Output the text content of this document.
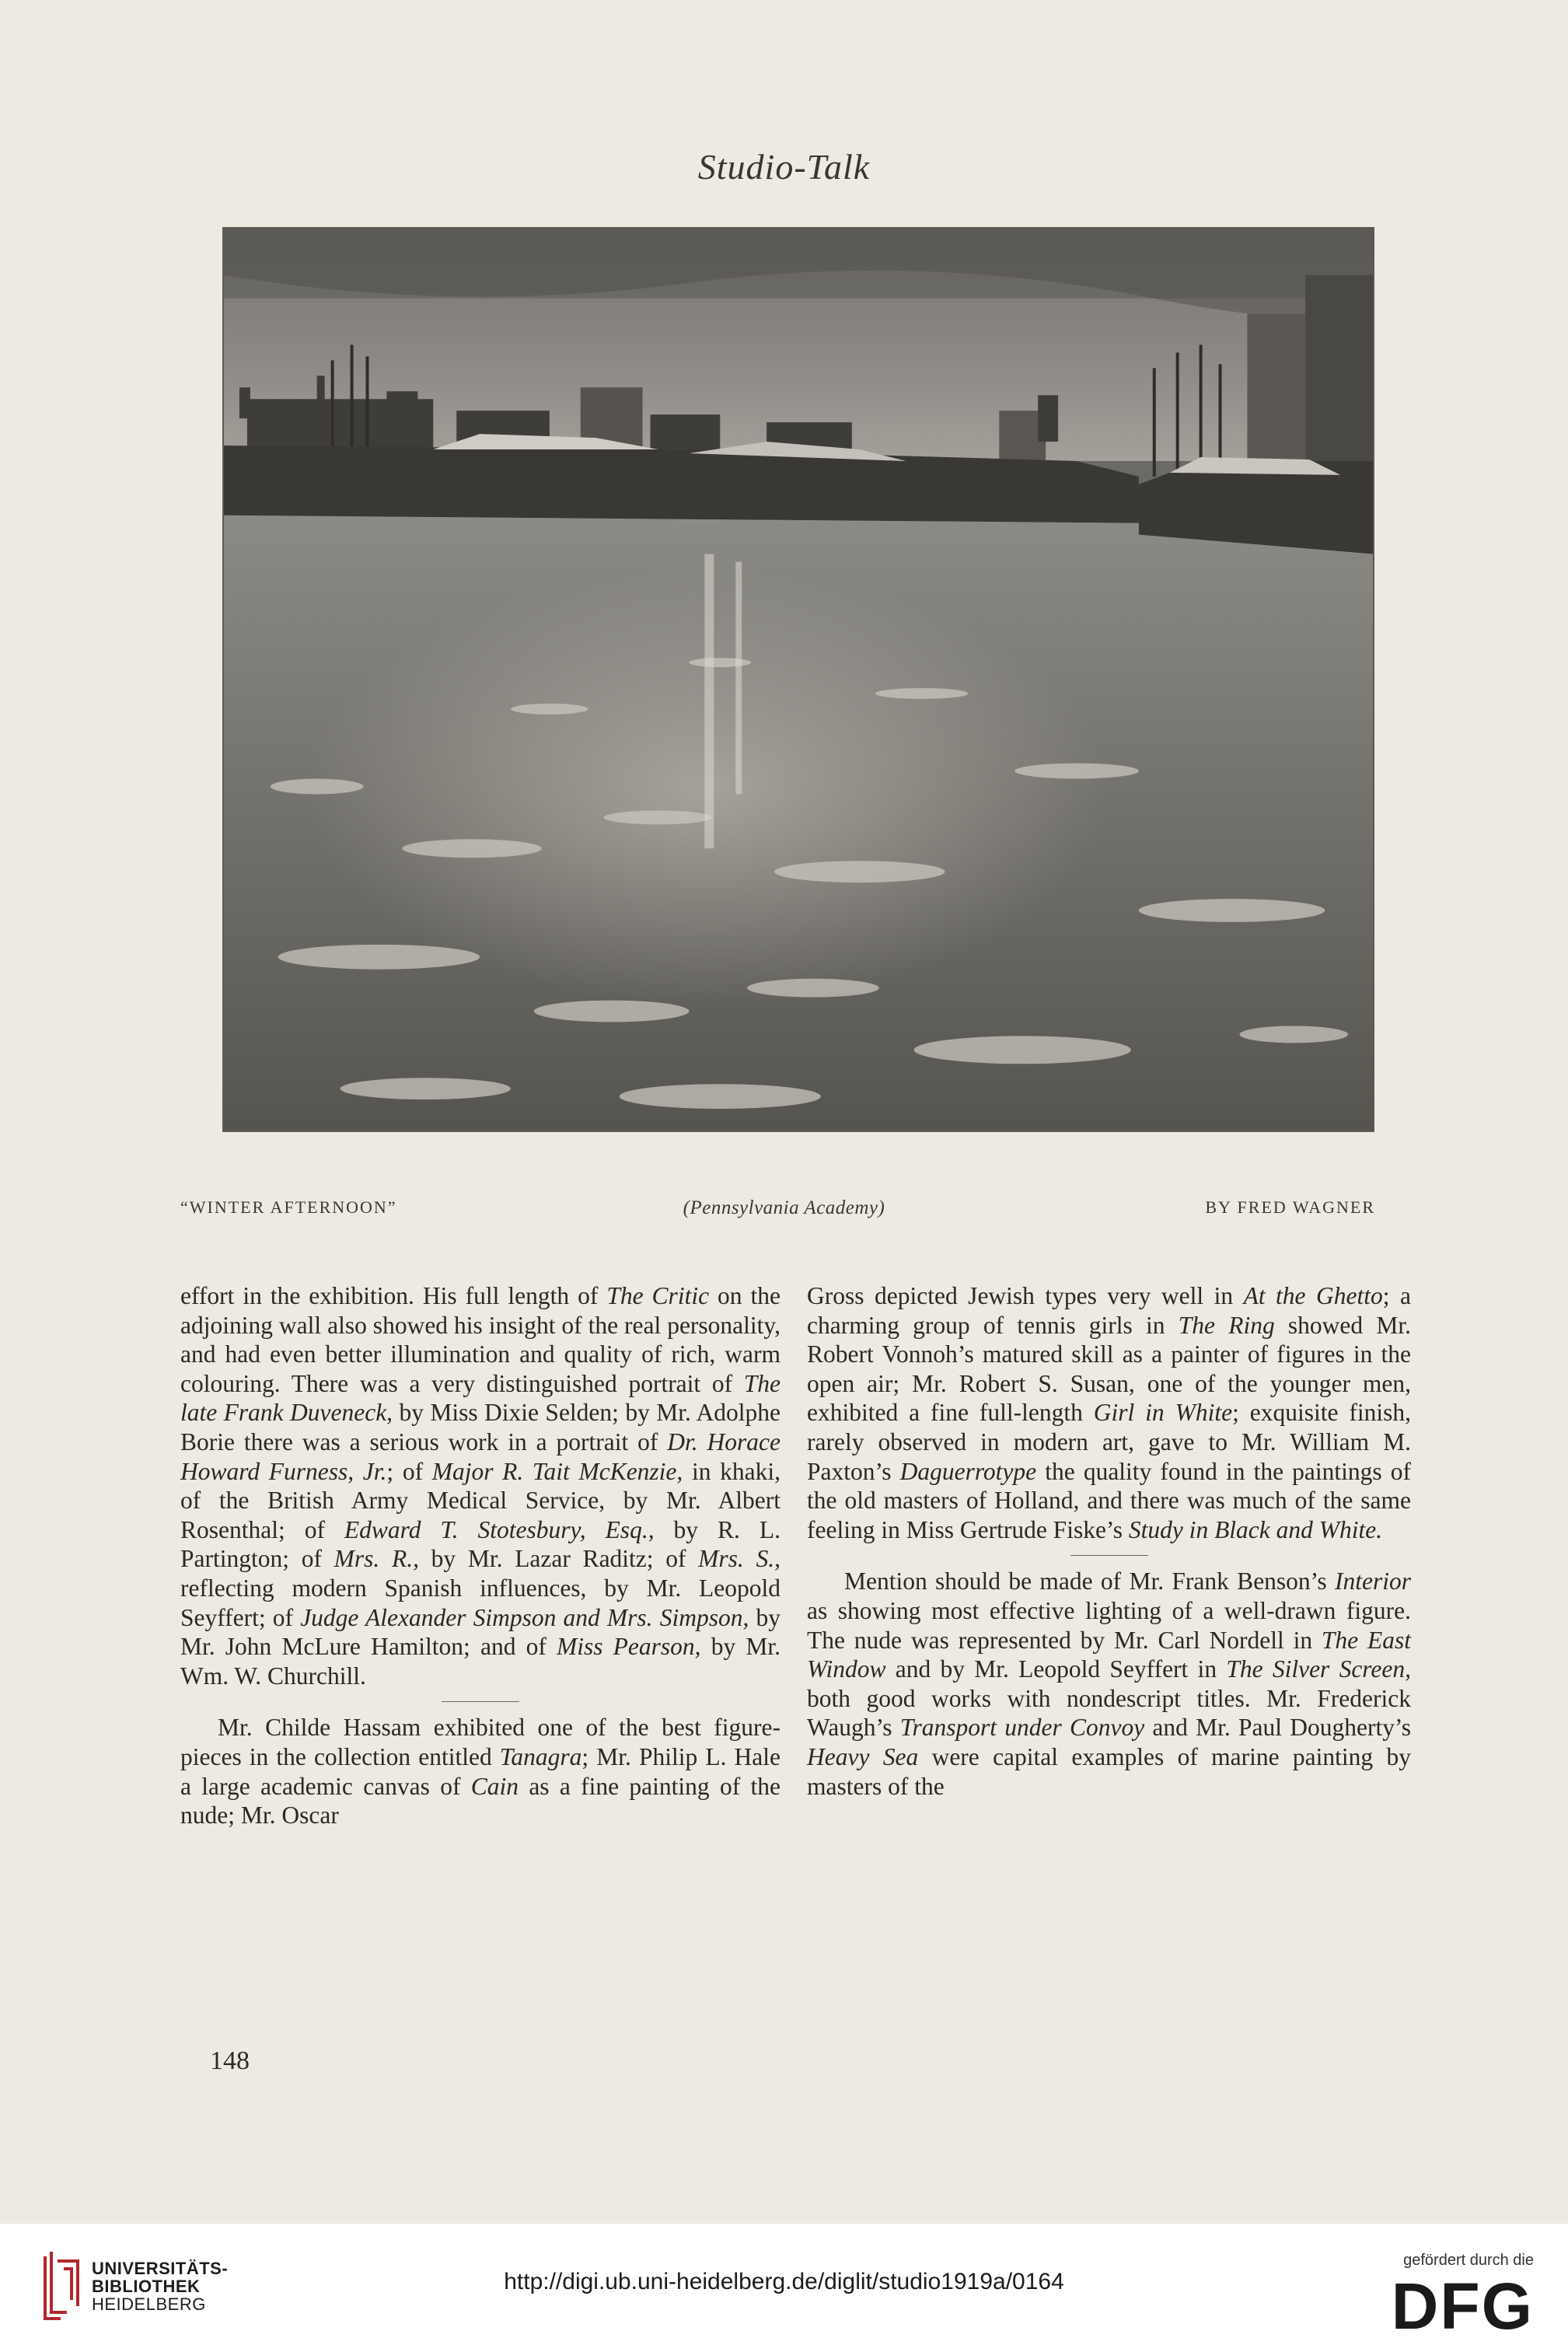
Studio-Talk
“WINTER AFTERNOON”	(Pennsylvania Academy)	BY FRED WAGNER

effort in the exhibition. His full length of The Critic on the adjoining wall also showed his insight of the real personality, and had even better illumination and quality of rich, warm colouring. There was a very distinguished portrait of The late Frank Duveneck, by Miss Dixie Selden; by Mr. Adolphe Borie there was a serious work in a portrait of Dr. Horace Howard Furness, Jr.; of Major R. Tait McKenzie, in khaki, of the British Army Medical Service, by Mr. Albert Rosenthal; of Edward T. Stotesbury, Esq., by R. L. Partington; of Mrs. R., by Mr. Lazar Raditz; of Mrs. S., reflecting modern Spanish influences, by Mr. Leopold Seyffert; of Judge Alexander Simpson and Mrs. Simpson, by Mr. John McLure Hamilton; and of Miss Pearson, by Mr. Wm. W. Churchill.

Mr. Childe Hassam exhibited one of the best figure-pieces in the collection entitled Tanagra; Mr. Philip L. Hale a large academic canvas of Cain as a fine painting of the nude; Mr. Oscar

Gross depicted Jewish types very well in At the Ghetto; a charming group of tennis girls in The Ring showed Mr. Robert Vonnoh’s matured skill as a painter of figures in the open air; Mr. Robert S. Susan, one of the younger men, exhibited a fine full-length Girl in White; exquisite finish, rarely observed in modern art, gave to Mr. William M. Paxton’s Daguerrotype the quality found in the paintings of the old masters of Holland, and there was much of the same feeling in Miss Gertrude Fiske’s Study in Black and White.

Mention should be made of Mr. Frank Benson’s Interior as showing most effective lighting of a well-drawn figure. The nude was represented by Mr. Carl Nordell in The East Window and by Mr. Leopold Seyffert in The Silver Screen, both good works with nondescript titles. Mr. Frederick Waugh’s Transport under Convoy and Mr. Paul Dougherty’s Heavy Sea were capital examples of marine painting by masters of the

148
UNIVERSITÄTS-
BIBLIOTHEK
HEIDELBERG
http://digi.ub.uni-heidelberg.de/diglit/studio1919a/0164
gefördert durch die
DFG
